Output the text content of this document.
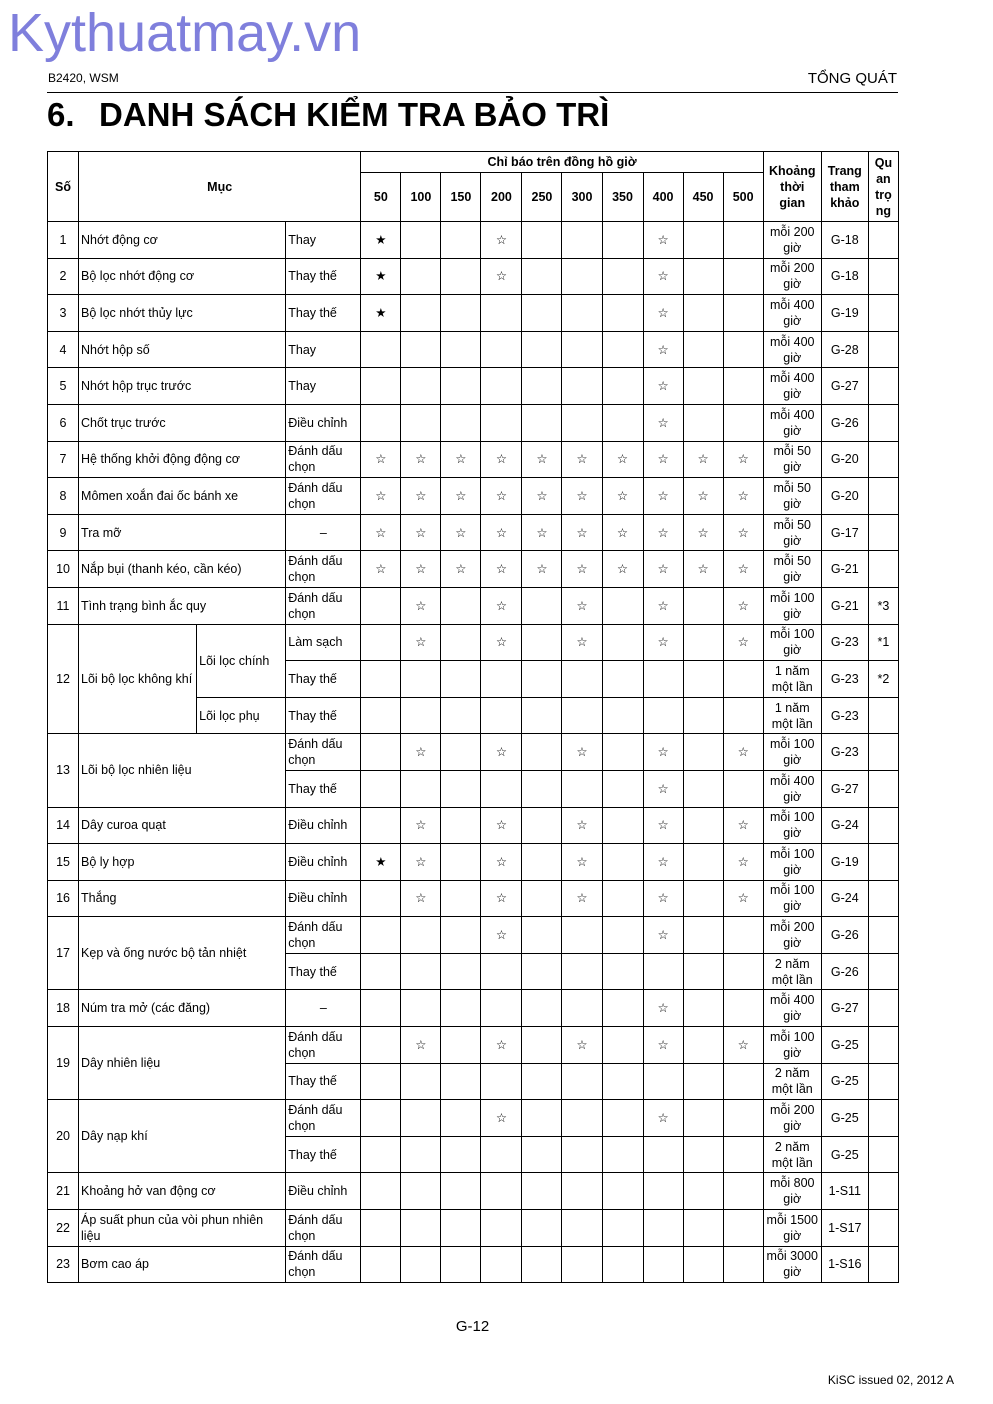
Kythuatmay.vn
B2420, WSM	TỔNG QUÁT
6. DANH SÁCH KIỂM TRA BẢO TRÌ
Số	Mục			Chỉ báo trên đồng hồ giờ										Khoảng thời gian	Trang tham khảo	Qu an trọ ng
				50	100	150	200	250	300	350	400	450	500			
1	Nhớt động cơ		Thay	★			☆				☆			mỗi 200 giờ	G-18	
2	Bộ lọc nhớt động cơ		Thay thế	★			☆				☆			mỗi 200 giờ	G-18	
3	Bộ lọc nhớt thủy lực		Thay thế	★							☆			mỗi 400 giờ	G-19	
4	Nhớt hộp số		Thay								☆			mỗi 400 giờ	G-28	
5	Nhớt hộp trục trước		Thay								☆			mỗi 400 giờ	G-27	
6	Chốt trục trước		Điều chỉnh								☆			mỗi 400 giờ	G-26	
7	Hệ thống khởi động động cơ		Đánh dấu chọn	☆	☆	☆	☆	☆	☆	☆	☆	☆	☆	mỗi 50 giờ	G-20	
8	Mômen xoắn đai ốc bánh xe		Đánh dấu chọn	☆	☆	☆	☆	☆	☆	☆	☆	☆	☆	mỗi 50 giờ	G-20	
9	Tra mỡ		–	☆	☆	☆	☆	☆	☆	☆	☆	☆	☆	mỗi 50 giờ	G-17	
10	Nắp bụi (thanh kéo, cần kéo)		Đánh dấu chọn	☆	☆	☆	☆	☆	☆	☆	☆	☆	☆	mỗi 50 giờ	G-21	
11	Tình trạng bình ắc quy		Đánh dấu chọn		☆		☆		☆		☆		☆	mỗi 100 giờ	G-21	*3
12	Lõi bộ lọc không khí	Lõi lọc chính	Làm sạch		☆		☆		☆		☆		☆	mỗi 100 giờ	G-23	*1
			Thay thế											1 năm một lần	G-23	*2
		Lõi lọc phụ	Thay thế											1 năm một lần	G-23	
13	Lõi bộ lọc nhiên liệu		Đánh dấu chọn		☆		☆		☆		☆		☆	mỗi 100 giờ	G-23	
			Thay thế								☆			mỗi 400 giờ	G-27	
14	Dây curoa quạt		Điều chỉnh		☆		☆		☆		☆		☆	mỗi 100 giờ	G-24	
15	Bộ ly hợp		Điều chỉnh	★	☆		☆		☆		☆		☆	mỗi 100 giờ	G-19	
16	Thắng		Điều chỉnh		☆		☆		☆		☆		☆	mỗi 100 giờ	G-24	
17	Kẹp và ống nước bộ tản nhiệt		Đánh dấu chọn				☆				☆			mỗi 200 giờ	G-26	
			Thay thế											2 năm một lần	G-26	
18	Núm tra mở (các đăng)		–								☆			mỗi 400 giờ	G-27	
19	Dây nhiên liệu		Đánh dấu chọn		☆		☆		☆		☆		☆	mỗi 100 giờ	G-25	
			Thay thế											2 năm một lần	G-25	
20	Dây nạp khí		Đánh dấu chọn				☆				☆			mỗi 200 giờ	G-25	
			Thay thế											2 năm một lần	G-25	
21	Khoảng hở van động cơ		Điều chỉnh											mỗi 800 giờ	1-S11	
22	Áp suất phun của vòi phun nhiên liệu		Đánh dấu chọn											mỗi 1500 giờ	1-S17	
23	Bơm cao áp		Đánh dấu chọn											mỗi 3000 giờ	1-S16	
G-12
KiSC issued 02, 2012 A
